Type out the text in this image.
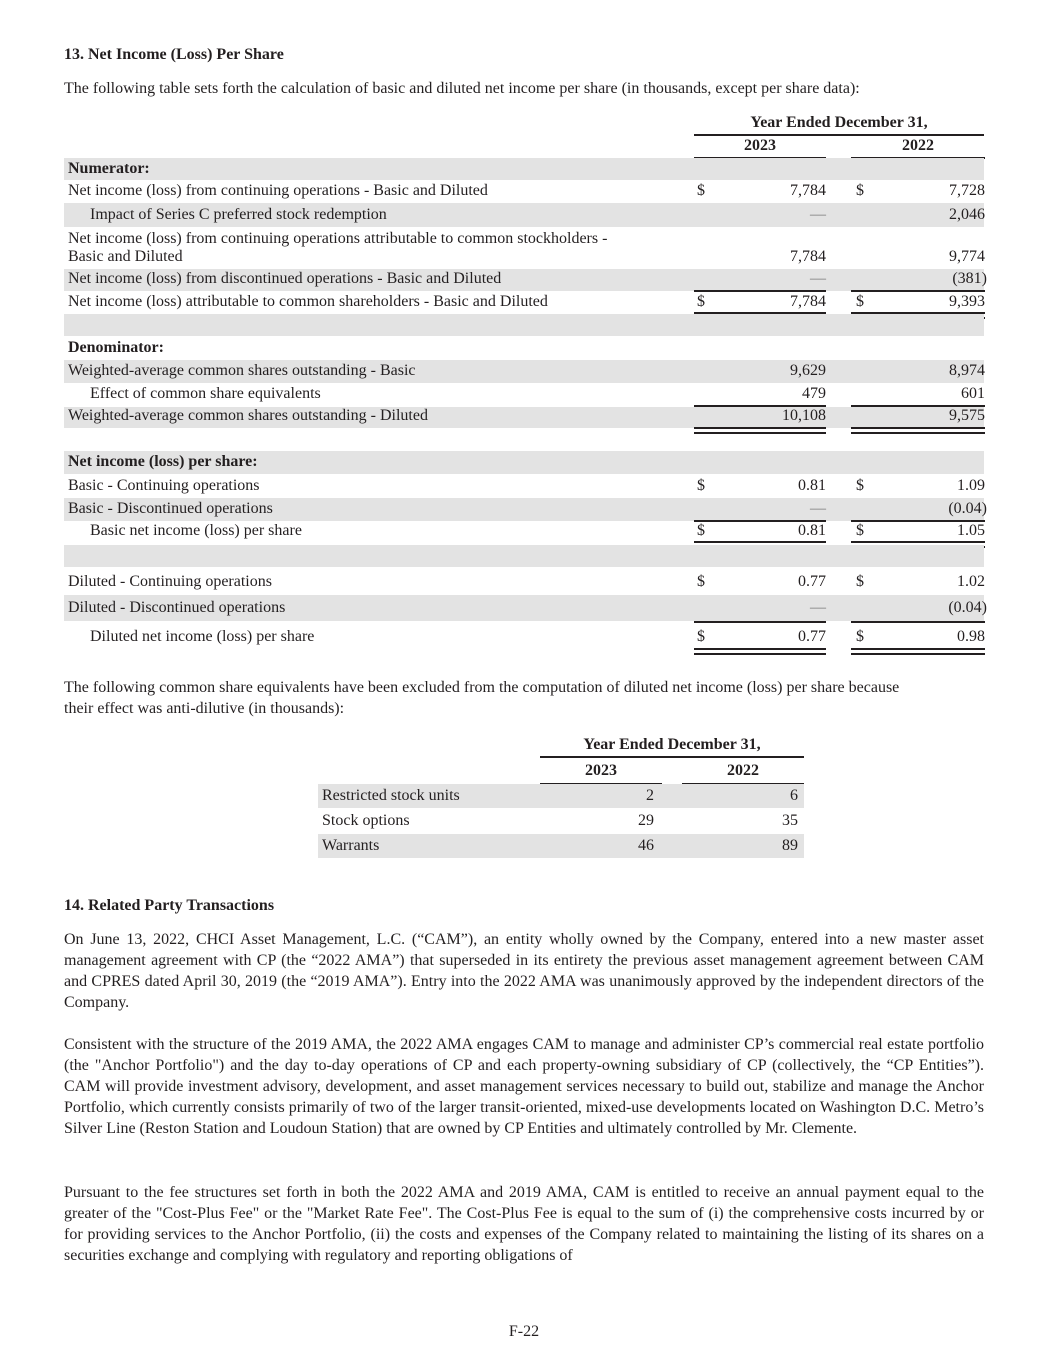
13. Net Income (Loss) Per Share
The following table sets forth the calculation of basic and diluted net income per share (in thousands, except per share data):
Year Ended December 31,
2023	2022
Numerator:
Net income (loss) from continuing operations - Basic and Diluted	$	7,784 $	7,728
Impact of Series C preferred stock redemption	—	2,046
Net income (loss) from continuing operations attributable to common stockholders -
Basic and Diluted	7,784	9,774
Net income (loss) from discontinued operations - Basic and Diluted	—	(381)
Net income (loss) attributable to common shareholders - Basic and Diluted	$	7,784 $	9,393
Denominator:
Weighted-average common shares outstanding - Basic	9,629	8,974
Effect of common share equivalents	479	601
Weighted-average common shares outstanding - Diluted	10,108	9,575
Net income (loss) per share:
Basic - Continuing operations	$	0.81 $	1.09
Basic - Discontinued operations	—	(0.04)
Basic net income (loss) per share	$	0.81 $	1.05
Diluted - Continuing operations	$	0.77 $	1.02
Diluted - Discontinued operations	—	(0.04)
Diluted net income (loss) per share	$	0.77 $	0.98
The following common share equivalents have been excluded from the computation of diluted net income (loss) per share because
their effect was anti-dilutive (in thousands):
Year Ended December 31,
2023	2022
Restricted stock units	2	6
Stock options	29	35
Warrants	46	89
14. Related Party Transactions
On June 13, 2022, CHCI Asset Management, L.C. (“CAM”), an entity wholly owned by the Company, entered into a new master asset management agreement with CP (the “2022 AMA”) that superseded in its entirety the previous asset management agreement between CAM and CPRES dated April 30, 2019 (the “2019 AMA”). Entry into the 2022 AMA was unanimously approved by the independent directors of the Company.
Consistent with the structure of the 2019 AMA, the 2022 AMA engages CAM to manage and administer CP’s commercial real estate portfolio (the "Anchor Portfolio") and the day to-day operations of CP and each property-owning subsidiary of CP (collectively, the “CP Entities”). CAM will provide investment advisory, development, and asset management services necessary to build out, stabilize and manage the Anchor Portfolio, which currently consists primarily of two of the larger transit-oriented, mixed-use developments located on Washington D.C. Metro’s Silver Line (Reston Station and Loudoun Station) that are owned by CP Entities and ultimately controlled by Mr. Clemente.
Pursuant to the fee structures set forth in both the 2022 AMA and 2019 AMA, CAM is entitled to receive an annual payment equal to the greater of the "Cost-Plus Fee" or the "Market Rate Fee". The Cost-Plus Fee is equal to the sum of (i) the comprehensive costs incurred by or for providing services to the Anchor Portfolio, (ii) the costs and expenses of the Company related to maintaining the listing of its shares on a securities exchange and complying with regulatory and reporting obligations of
F-22
